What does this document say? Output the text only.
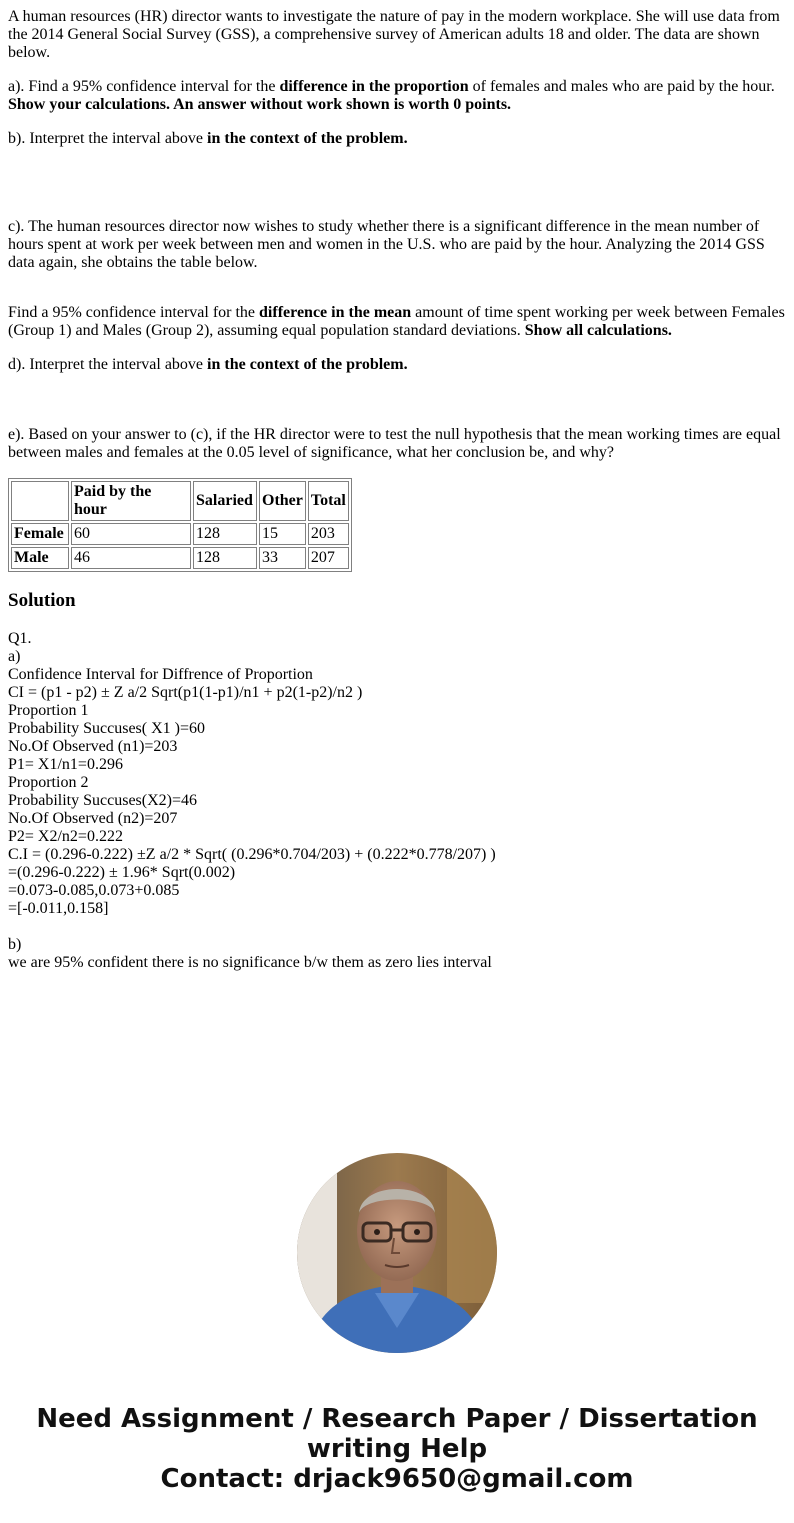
A human resources (HR) director wants to investigate the nature of pay in the modern workplace. She will use data from the 2014 General Social Survey (GSS), a comprehensive survey of American adults 18 and older. The data are shown below.

a). Find a 95% confidence interval for the difference in the proportion of females and males who are paid by the hour. Show your calculations. An answer without work shown is worth 0 points.

b). Interpret the interval above in the context of the problem.

c). The human resources director now wishes to study whether there is a significant difference in the mean number of hours spent at work per week between men and women in the U.S. who are paid by the hour. Analyzing the 2014 GSS data again, she obtains the table below.

Find a 95% confidence interval for the difference in the mean amount of time spent working per week between Females (Group 1) and Males (Group 2), assuming equal population standard deviations. Show all calculations.

d). Interpret the interval above in the context of the problem.

e). Based on your answer to (c), if the HR director were to test the null hypothesis that the mean working times are equal between males and females at the 0.05 level of significance, what her conclusion be, and why?

	Paid by the hour	Salaried	Other	Total
Female	60	128	15	203
Male	46	128	33	207
Solution
Q1.
a)
Confidence Interval for Diffrence of Proportion
CI = (p1 - p2) ± Z a/2 Sqrt(p1(1-p1)/n1 + p2(1-p2)/n2 )
Proportion 1
Probability Succuses( X1 )=60
No.Of Observed (n1)=203
P1= X1/n1=0.296
Proportion 2
Probability Succuses(X2)=46
No.Of Observed (n2)=207
P2= X2/n2=0.222
C.I = (0.296-0.222) ±Z a/2 * Sqrt( (0.296*0.704/203) + (0.222*0.778/207) )
=(0.296-0.222) ± 1.96* Sqrt(0.002)
=0.073-0.085,0.073+0.085
=[-0.011,0.158]
b)
we are 95% confident there is no significance b/w them as zero lies interval
Need Assignment / Research Paper / Dissertation
writing Help
Contact: drjack9650@gmail.com
